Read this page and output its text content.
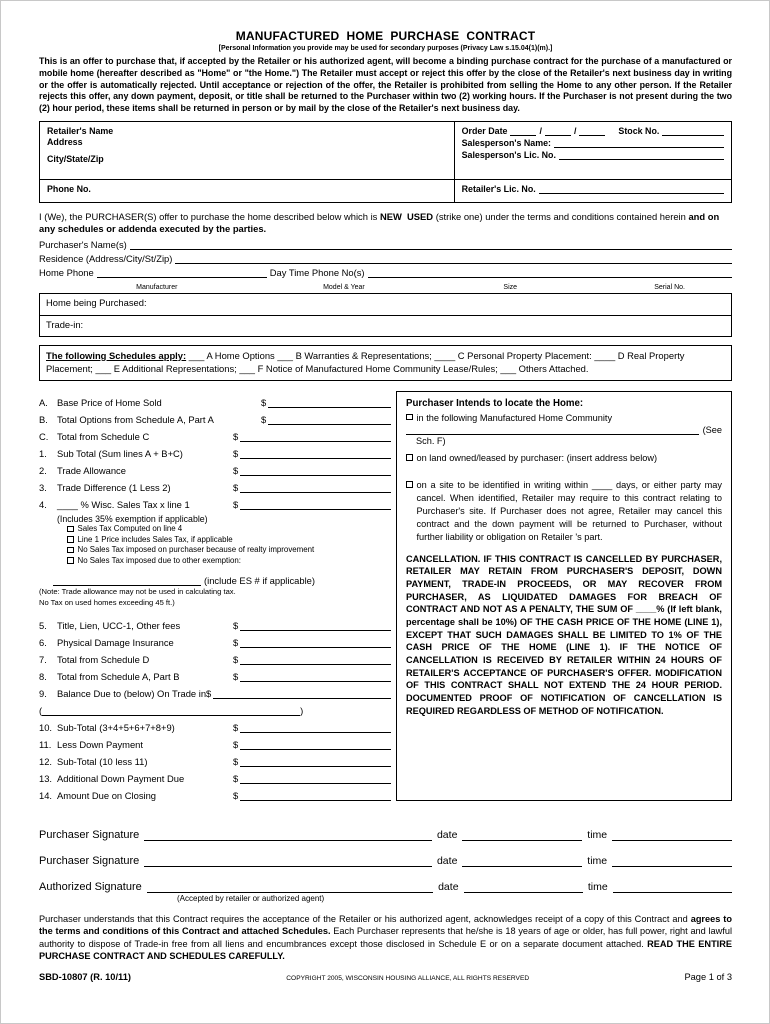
MANUFACTURED  HOME  PURCHASE  CONTRACT
[Personal Information you provide may be used for secondary purposes (Privacy Law s.15.04(1)(m).]

This is an offer to purchase that, if accepted by the Retailer or his authorized agent, will become a binding purchase contract for the purchase of a manufactured or mobile home (hereafter described as "Home" or "the Home.") The Retailer must accept or reject this offer by the close of the Retailer's next business day in writing or the offer is automatically rejected. Until acceptance or rejection of the offer, the Retailer is prohibited from selling the Home to any other person. If the Retailer rejects this offer, any down payment, deposit, or title shall be returned to the Purchaser within two (2) working hours. If the Purchaser is not present during the two (2) hour period, these items shall be returned in person or by mail by the close of the Retailer's next business day.

Retailer's Name
Address
City/State/Zip
Order Date	/	/	Stock No.
Salesperson's Name:
Salesperson's Lic. No.
Phone No.	Retailer's Lic. No.

I (We), the PURCHASER(S) offer to purchase the home described below which is NEW  USED (strike one) under the terms and conditions contained herein and on any schedules or addenda executed by the parties.

Purchaser's Name(s)
Residence (Address/City/St/Zip)
Home Phone	Day Time Phone No(s)
Manufacturer	Model & Year	Size	Serial No.
Home being Purchased:
Trade-in:
The following Schedules apply: ___ A Home Options ___ B Warranties & Representations; ____ C Personal Property Placement: ____ D Real Property Placement; ___ E Additional Representations; ___ F Notice of Manufactured Home Community Lease/Rules; ___ Others Attached.
A. Base Price of Home Sold	$
B. Total Options from Schedule A, Part A	$
C. Total from Schedule C	$
1.	Sub Total (Sum lines A + B+C)	$
2.	Trade Allowance	$
3.	Trade Difference (1 Less 2)	$
4.	____ % Wisc. Sales Tax x line 1	$
(Includes 35% exemption if applicable)
Sales Tax Computed on line 4
Line 1 Price includes Sales Tax, if applicable
No Sales Tax imposed on purchaser because of realty improvement
No Sales Tax imposed due to other exemption:
(include ES # if applicable)
(Note: Trade allowance may not be used in calculating tax.
No Tax on used homes exceeding 45 ft.)
5.	Title, Lien, UCC-1, Other fees	$
6.	Physical Damage Insurance	$
7.	Total from Schedule D	$
8.	Total from Schedule A, Part B	$
9.	Balance Due to (below) On Trade in $
(	)
10. Sub-Total (3+4+5+6+7+8+9)	$
11. Less Down Payment	$
12. Sub-Total (10 less 11)	$
13. Additional Down Payment Due	$
14. Amount Due on Closing	$
Purchaser Intends to locate the Home:
in the following Manufactured Home Community
(See
Sch. F)
on land owned/leased by purchaser: (insert address below)
on a site to be identified in writing within ____ days, or either party may cancel. When identified, Retailer may require to this contract relating to Purchaser's site. If Purchaser does not agree, Retailer may cancel this contract and the down payment will be returned to Purchaser, without further liability or obligation on Retailer 's part.

CANCELLATION. IF THIS CONTRACT IS CANCELLED BY PURCHASER, RETAILER MAY RETAIN FROM PURCHASER'S DEPOSIT, DOWN PAYMENT, TRADE-IN PROCEEDS, OR MAY RECOVER FROM PURCHASER, AS LIQUIDATED DAMAGES FOR BREACH OF CONTRACT AND NOT AS A PENALTY, THE SUM OF ____% (If left blank, percentage shall be 10%) OF THE CASH PRICE OF THE HOME (LINE 1), EXCEPT THAT SUCH DAMAGES SHALL BE LIMITED TO 1% OF THE CASH PRICE OF THE HOME (LINE 1). IF THE NOTICE OF CANCELLATION IS RECEIVED BY RETAILER WITHIN 24 HOURS OF RETAILER'S ACCEPTANCE OF PURCHASER'S OFFER. MODIFICATION OF THIS CONTRACT SHALL NOT EXTEND THE 24 HOUR PERIOD. DOCUMENTED PROOF OF NOTIFICATION OF CANCELLATION IS REQUIRED REGARDLESS OF METHOD OF NOTIFICATION.

Purchaser Signature	date	time
Purchaser Signature	date	time
Authorized Signature	date	time
(Accepted by retailer or authorized agent)

Purchaser understands that this Contract requires the acceptance of the Retailer or his authorized agent, acknowledges receipt of a copy of this Contract and agrees to the terms and conditions of this Contract and attached Schedules. Each Purchaser represents that he/she is 18 years of age or older, has full power, right and lawful authority to dispose of Trade-in free from all liens and encumbrances except those disclosed in Schedule E or on a separate document attached. READ THE ENTIRE PURCHASE CONTRACT AND SCHEDULES CAREFULLY.

SBD-10807 (R. 10/11)	COPYRIGHT 2005, WISCONSIN HOUSING ALLIANCE, ALL RIGHTS RESERVED	Page 1 of 3
